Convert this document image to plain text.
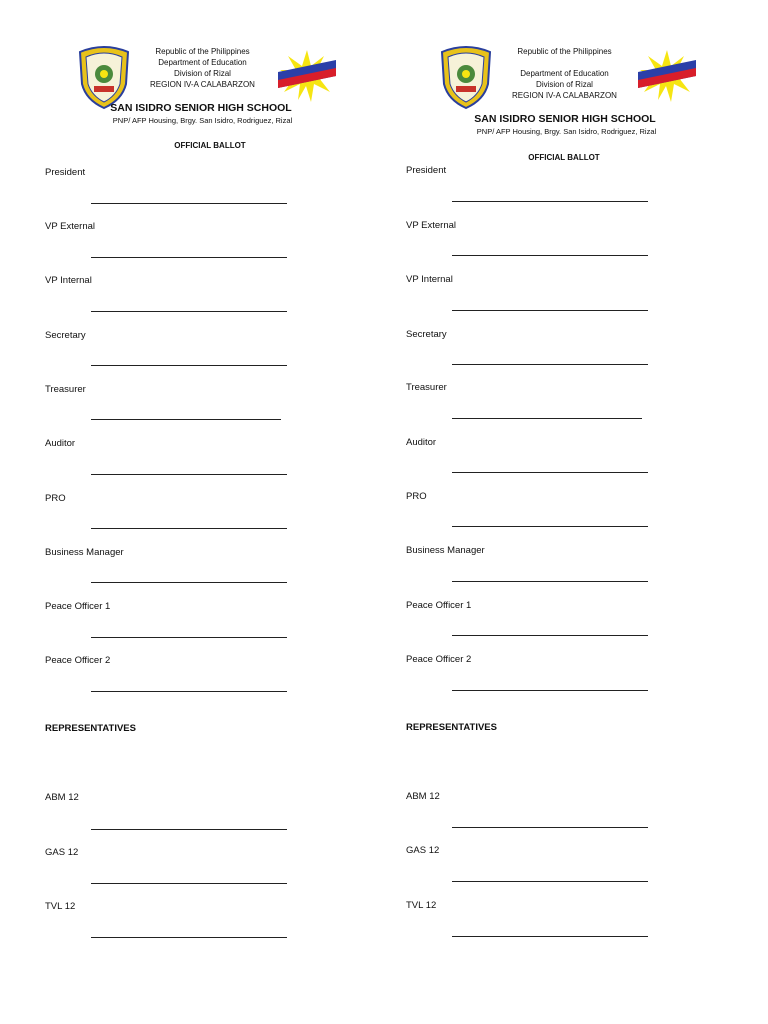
Republic of the Philippines
Department of Education
Division of Rizal
REGION IV-A CALABARZON
SAN ISIDRO SENIOR HIGH SCHOOL
PNP/ AFP Housing, Brgy. San Isidro, Rodriguez, Rizal
OFFICIAL BALLOT
President
VP External
VP Internal
Secretary
Treasurer
Auditor
PRO
Business Manager
Peace Officer 1
Peace Officer 2
REPRESENTATIVES
ABM 12
GAS 12
TVL 12
Republic of the Philippines
Department of Education
Division of Rizal
REGION IV-A CALABARZON
SAN ISIDRO SENIOR HIGH SCHOOL
PNP/ AFP Housing, Brgy. San Isidro, Rodriguez, Rizal
OFFICIAL BALLOT
President
VP External
VP Internal
Secretary
Treasurer
Auditor
PRO
Business Manager
Peace Officer 1
Peace Officer 2
REPRESENTATIVES
ABM 12
GAS 12
TVL 12
